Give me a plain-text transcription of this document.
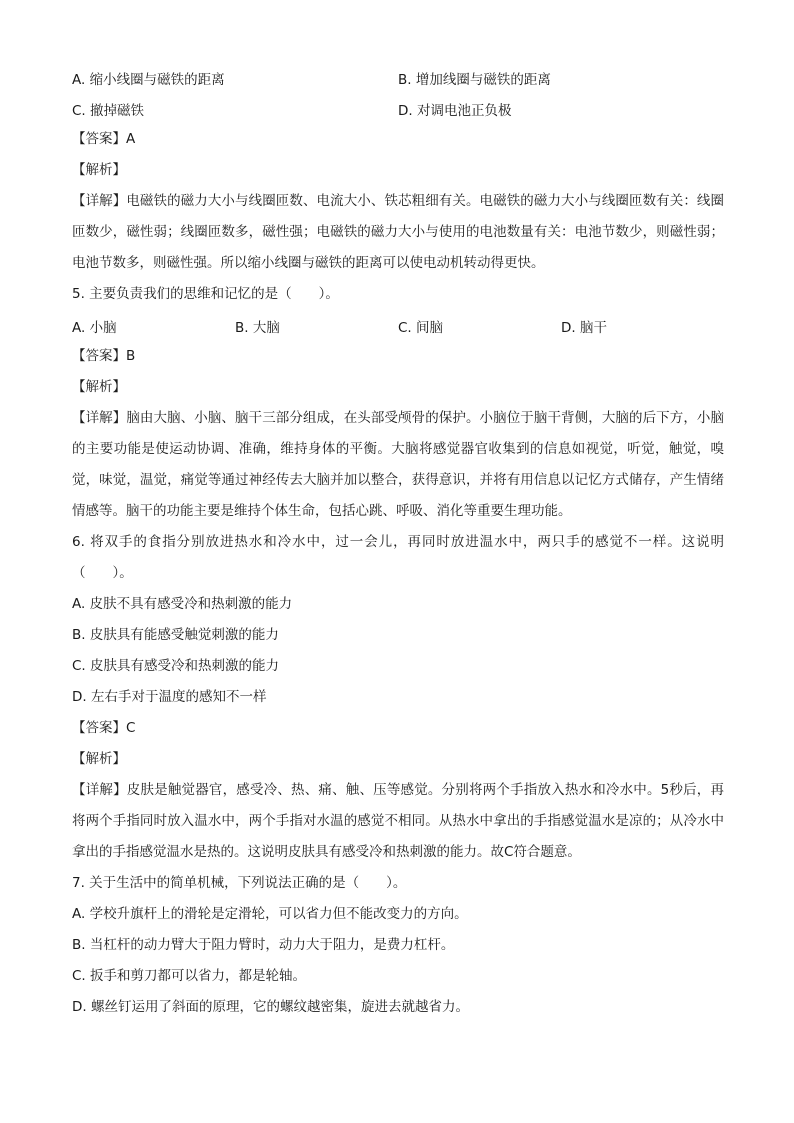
A. 缩小线圈与磁铁的距离	B. 增加线圈与磁铁的距离
C. 撤掉磁铁	D. 对调电池正负极
【答案】A
【解析】
【详解】电磁铁的磁力大小与线圈匝数、电流大小、铁芯粗细有关。电磁铁的磁力大小与线圈匝数有关：线圈匝数少，磁性弱；线圈匝数多，磁性强；电磁铁的磁力大小与使用的电池数量有关：电池节数少，则磁性弱；电池节数多，则磁性强。所以缩小线圈与磁铁的距离可以使电动机转动得更快。
5. 主要负责我们的思维和记忆的是（　　）。
A. 小脑	B. 大脑	C. 间脑	D. 脑干
【答案】B
【解析】
【详解】脑由大脑、小脑、脑干三部分组成，在头部受颅骨的保护。小脑位于脑干背侧，大脑的后下方，小脑的主要功能是使运动协调、准确，维持身体的平衡。大脑将感觉器官收集到的信息如视觉，听觉，触觉，嗅觉，味觉，温觉，痛觉等通过神经传去大脑并加以整合，获得意识，并将有用信息以记忆方式储存，产生情绪情感等。脑干的功能主要是维持个体生命，包括心跳、呼吸、消化等重要生理功能。
6. 将双手的食指分别放进热水和冷水中，过一会儿，再同时放进温水中，两只手的感觉不一样。这说明（　　）。
A. 皮肤不具有感受冷和热刺激的能力
B. 皮肤具有能感受触觉刺激的能力
C. 皮肤具有感受冷和热刺激的能力
D. 左右手对于温度的感知不一样
【答案】C
【解析】
【详解】皮肤是触觉器官，感受冷、热、痛、触、压等感觉。分别将两个手指放入热水和冷水中。5秒后，再将两个手指同时放入温水中，两个手指对水温的感觉不相同。从热水中拿出的手指感觉温水是凉的；从冷水中拿出的手指感觉温水是热的。这说明皮肤具有感受冷和热刺激的能力。故C符合题意。
7. 关于生活中的简单机械，下列说法正确的是（　　）。
A. 学校升旗杆上的滑轮是定滑轮，可以省力但不能改变力的方向。
B. 当杠杆的动力臂大于阻力臂时，动力大于阻力，是费力杠杆。
C. 扳手和剪刀都可以省力，都是轮轴。
D. 螺丝钉运用了斜面的原理，它的螺纹越密集，旋进去就越省力。
